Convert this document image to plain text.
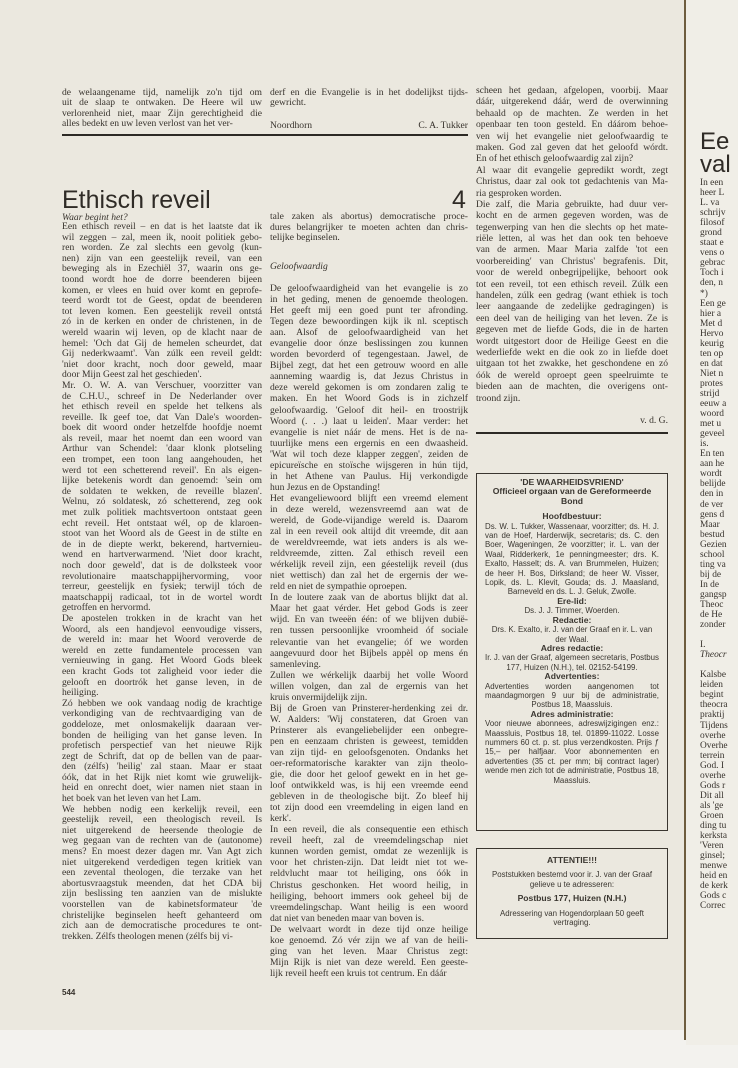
de welaangename tijd, namelijk zo'n tijd om
uit de slaap te ontwaken. De Heere wil uw
verlorenheid niet, maar Zijn gerechtigheid die
alles bedekt en uw leven verlost van het ver-
derf en die Evangelie is in het dodelijkst tijds-
gewricht.
Noordhorn	C. A. Tukker
Ethisch reveil	4
Waar begint het?
Een ethisch reveil – en dat is het laatste dat ik
wil zeggen – zal, meen ik, nooit politiek gebo-
ren worden. Ze zal slechts een gevolg (kun-
nen) zijn van een geestelijk reveil, van een
beweging als in Ezechiël 37, waarin ons ge-
toond wordt hoe de dorre beenderen bijeen
komen, er vlees en huid over komt en geprofe-
teerd wordt tot de Geest, opdat de beenderen
tot leven komen. Een geestelijk reveil ontstá
zó in de kerken en onder de christenen, in de
wereld waarin wij leven, op de klacht naar de
hemel: 'Och dat Gij de hemelen scheurdet, dat
Gij nederkwaamt'. Van zúlk een reveil geldt:
'niet door kracht, noch door geweld, maar
door Mijn Geest zal het geschieden'.
Mr. O. W. A. van Verschuer, voorzitter van
de C.H.U., schreef in De Nederlander over
het ethisch reveil en spelde het telkens als
reveille. Ik geef toe, dat Van Dale's woorden-
boek dit woord onder hetzelfde hoofdje noemt
als reveil, maar het noemt dan een woord van
Arthur van Schendel: 'daar klonk plotseling
een trompet, een toon lang aangehouden, het
werd tot een schetterend reveil'. En als eigen-
lijke betekenis wordt dan genoemd: 'sein om
de soldaten te wekken, de reveille blazen'.
Welnu, zó soldatesk, zó schetterend, zeg ook
met zulk politiek machtsvertoon ontstaat geen
echt reveil. Het ontstaat wél, op de klaroen-
stoot van het Woord als de Geest in de stilte en
de in de diepte werkt, bekerend, hartvernieu-
wend en hartverwarmend. 'Niet door kracht,
noch door geweld', dat is de dolksteek voor
revolutionaire maatschappijhervorming, voor
terreur, geestelijk en fysiek; terwijl tóch de
maatschappij radicaal, tot in de wortel wordt
getroffen en hervormd.
De apostelen trokken in de kracht van het
Woord, als een handjevol eenvoudige vissers,
de wereld in: maar het Woord veroverde de
wereld en zette fundamentele processen van
vernieuwing in gang. Het Woord Gods bleek
een kracht Gods tot zaligheid voor ieder die
gelooft en doortrók het ganse leven, in de
heiliging.
Zó hebben we ook vandaag nodig de krachtige
verkondiging van de rechtvaardiging van de
goddeloze, met onlosmakelijk daaraan ver-
bonden de heiliging van het ganse leven. In
profetisch perspectief van het nieuwe Rijk
zegt de Schrift, dat op de bellen van de paar-
den (zélfs) 'heilig' zal staan. Maar er staat
óók, dat in het Rijk niet komt wie gruwelijk-
heid en onrecht doet, wier namen niet staan in
het boek van het leven van het Lam.
We hebben nodig een kerkelijk reveil, een
geestelijk reveil, een theologisch reveil. Is
niet uitgerekend de heersende theologie de
weg gegaan van de rechten van de (autonome)
mens? En moest dezer dagen mr. Van Agt zich
niet uitgerekend verdedigen tegen kritiek van
een zevental theologen, die terzake van het
abortusvraagstuk meenden, dat het CDA bij
zijn beslissing ten aanzien van de mislukte
voorstellen van de kabinetsformateur 'de
christelijke beginselen heeft gehanteerd om
zich aan de democratische procedures te ont-
trekken. Zélfs theologen menen (zélfs bij vi-
tale zaken als abortus) democratische proce-
dures belangrijker te moeten achten dan chris-
telijke beginselen.
Geloofwaardig
De geloofwaardigheid van het evangelie is zo
in het geding, menen de genoemde theologen.
Het geeft mij een goed punt ter afronding.
Tegen deze bewoordingen kijk ik nl. sceptisch
aan. Alsof de geloofwaardigheid van het
evangelie door ónze beslissingen zou kunnen
worden bevorderd of tegengestaan. Jawel, de
Bijbel zegt, dat het een getrouw woord en alle
aanneming waardig is, dat Jezus Christus in
deze wereld gekomen is om zondaren zalig te
maken. En het Woord Gods is in zichzelf
geloofwaardig. 'Geloof dit heil- en troostrijk
Woord (. . .) laat u leiden'. Maar verder: het
evangelie is niet náár de mens. Het is de na-
tuurlijke mens een ergernis en een dwaasheid.
'Wat wil toch deze klapper zeggen', zeiden de
epicureïsche en stoïsche wijsgeren in hún tijd,
in het Athene van Paulus. Hij verkondigde
hun Jezus en de Opstanding!
Het evangeliewoord blijft een vreemd element
in deze wereld, wezensvreemd aan wat de
wereld, de Gode-vijandige wereld is. Daarom
zal in een reveil ook altijd dit vreemde, dit aan
de wereldvreemde, wat iets anders is als we-
reldvreemde, zitten. Zal ethisch reveil een
wérkelijk reveil zijn, een géestelijk reveil (dus
niet wettisch) dan zal het de ergernis der we-
reld en niet de sympathie oproepen.
In de loutere zaak van de abortus blijkt dat al.
Maar het gaat vérder. Het gebod Gods is zeer
wijd. En van tweeën één: of we blijven dubië-
ren tussen persoonlijke vroomheid óf sociale
relevantie van het evangelie; óf we worden
aangevuurd door het Bijbels appèl op mens én
samenleving.
Zullen we wérkelijk daarbij het volle Woord
willen volgen, dan zal de ergernis van het
kruis onvermijdelijk zijn.
Bij de Groen van Prinsterer-herdenking zei dr.
W. Aalders: 'Wij constateren, dat Groen van
Prinsterer als evangeliebelijder een onbegre-
pen en eenzaam christen is geweest, temidden
van zijn tijd- en geloofsgenoten. Ondanks het
oer-reformatorische karakter van zijn theolo-
gie, die door het geloof gewekt en in het ge-
loof ontwikkeld was, is hij een vreemde eend
gebleven in de theologische bijt. Zo bleef hij
tot zijn dood een vreemdeling in eigen land en
kerk'.
In een reveil, die als consequentie een ethisch
reveil heeft, zal de vreemdelingschap niet
kunnen worden gemist, omdat ze wezenlijk is
voor het christen-zijn. Dat leidt niet tot we-
reldvlucht maar tot heiliging, ons óók in
Christus geschonken. Het woord heilig, in
heiliging, behoort immers ook geheel bij de
vreemdelingschap. Want heilig is een woord
dat niet van beneden maar van boven is.
De welvaart wordt in deze tijd onze heilige
koe genoemd. Zó vér zijn we af van de heili-
ging van het leven. Maar Christus zegt:
Mijn Rijk is niet van deze wereld. Een geeste-
lijk reveil heeft een kruis tot centrum. En dáár
scheen het gedaan, afgelopen, voorbij. Maar
dáár, uitgerekend dáár, werd de overwinning
behaald op de machten. Ze werden in het
openbaar ten toon gesteld. En dáárom behoe-
ven wij het evangelie niet geloofwaardig te
maken. God zal geven dat het geloofd wórdt.
En of het ethisch geloofwaardig zal zijn?
Al waar dit evangelie gepredikt wordt, zegt
Christus, daar zal ook tot gedachtenis van Ma-
ria gesproken worden.
Die zalf, die Maria gebruikte, had duur ver-
kocht en de armen gegeven worden, was de
tegenwerping van hen die slechts op het mate-
riële letten, al was het dan ook ten behoeve
van de armen. Maar Maria zalfde 'tot een
voorbereiding' van Christus' begrafenis. Dit,
voor de wereld onbegrijpelijke, behoort ook
tot een reveil, tot een ethisch reveil. Zúlk een
handelen, zúlk een gedrag (want ethiek is toch
leer aangaande de zedelijke gedragingen) is
een deel van de heiliging van het leven. Ze is
gegeven met de liefde Gods, die in de harten
wordt uitgestort door de Heilige Geest en die
wederliefde wekt en die ook zo in liefde doet
uitgaan tot het zwakke, het geschondene en zó
óók de wereld oproept geen speelruimte te
bieden aan de machten, die overigens ont-
troond zijn.
v. d. G.
'DE WAARHEIDSVRIEND'
Officieel orgaan van de Gereformeerde Bond
Hoofdbestuur:
Ds. W. L. Tukker, Wassenaar, voorzitter; ds. H. J. van de Hoef, Harderwijk, secretaris; ds. C. den Boer, Wageningen, 2e voorzitter; ir. L. van der Waal, Ridderkerk, 1e penningmeester; drs. K. Exalto, Hasselt; ds. A. van Brummelen, Huizen; de heer H. Bos, Dirksland; de heer W. Visser, Lopik, ds. L. Klevit, Gouda; ds. J. Maasland, Barneveld en ds. L. J. Geluk, Zwolle.
Ere-lid:
Ds. J. J. Timmer, Woerden.
Redactie:
Drs. K. Exalto, ir. J. van der Graaf en ir. L. van der Waal.
Adres redactie:
Ir. J. van der Graaf, algemeen secretaris, Postbus 177, Huizen (N.H.), tel. 02152-54199.
Advertenties:
Advertenties worden aangenomen tot maandagmorgen 9 uur bij de administratie, Postbus 18, Maassluis.
Adres administratie:
Voor nieuwe abonnees, adreswijzigingen enz.: Maassluis, Postbus 18, tel. 01899-11022. Losse nummers 60 ct. p. st. plus verzendkosten. Prijs ƒ 15,– per halfjaar. Voor abonnementen en advertenties (35 ct. per mm; bij contract lager) wende men zich tot de administratie, Postbus 18, Maassluis.
ATTENTIE!!!
Poststukken bestemd voor ir. J. van der Graaf gelieve u te adresseren:
Postbus 177, Huizen (N.H.)
Adressering van Hogendorplaan 50 geeft vertraging.
544
Ee
val
In een
heer L
L. va
schrijv
filosof
grond
staat e
vens o
gebrac
Toch i
den, n
*)
Een ge
hier a
Met d
Hervo
keurig
ten op
en dat
Niet n
protes
strijd
eeuw a
woord
met u
geveel
is.
En ten
aan he
wordt
belijde
den in
de ver
gens d
Maar
bestud
Gezien
school
ting va
bij de
In de
gangsp
Theoc
de He
zonder

I.
Theocr

Kalsbe
leiden
begint
theocra
praktij
Tijdens
overhe
Overhe
terrein
God. I
overhe
Gods r
Dit all
als 'ge
Groen
ding tu
kerksta
'Veren
ginsel;
menwe
heid en
de kerk
Gods c
Correc
